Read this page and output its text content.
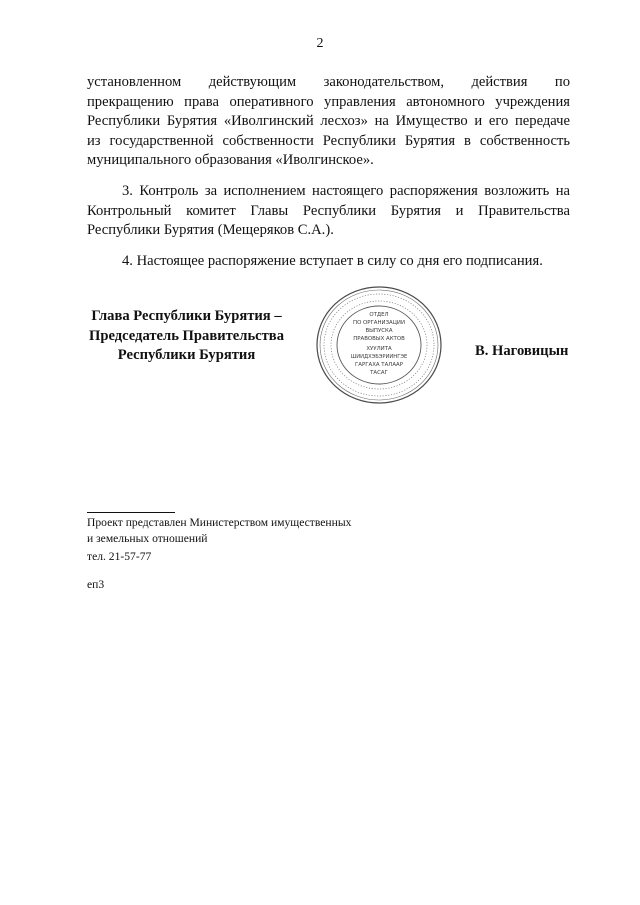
2
установленном действующим законодательством, действия по
прекращению права оперативного управления автономного учреждения
Республики Бурятия «Иволгинский лесхоз» на Имущество и его передаче
из государственной собственности Республики Бурятия в собственность
муниципального образования «Иволгинское».
3. Контроль за исполнением настоящего распоряжения возложить на
Контрольный комитет Главы Республики Бурятия и Правительства
Республики Бурятия (Мещеряков С.А.).
4. Настоящее распоряжение вступает в силу со дня его подписания.
Глава Республики Бурятия –
Председатель Правительства
Республики Бурятия
ОТДЕЛ
ПО ОРГАНИЗАЦИИ
ВЫПУСКА
ПРАВОВЫХ АКТОВ
ХУУЛИТА
ШИИДХЭБЭРИИНГЭЕ
ГАРГАХА ТАЛААР
ТАСАГ
В. Наговицын
Проект представлен Министерством имущественных
и земельных отношений
тел. 21-57-77
еп3
